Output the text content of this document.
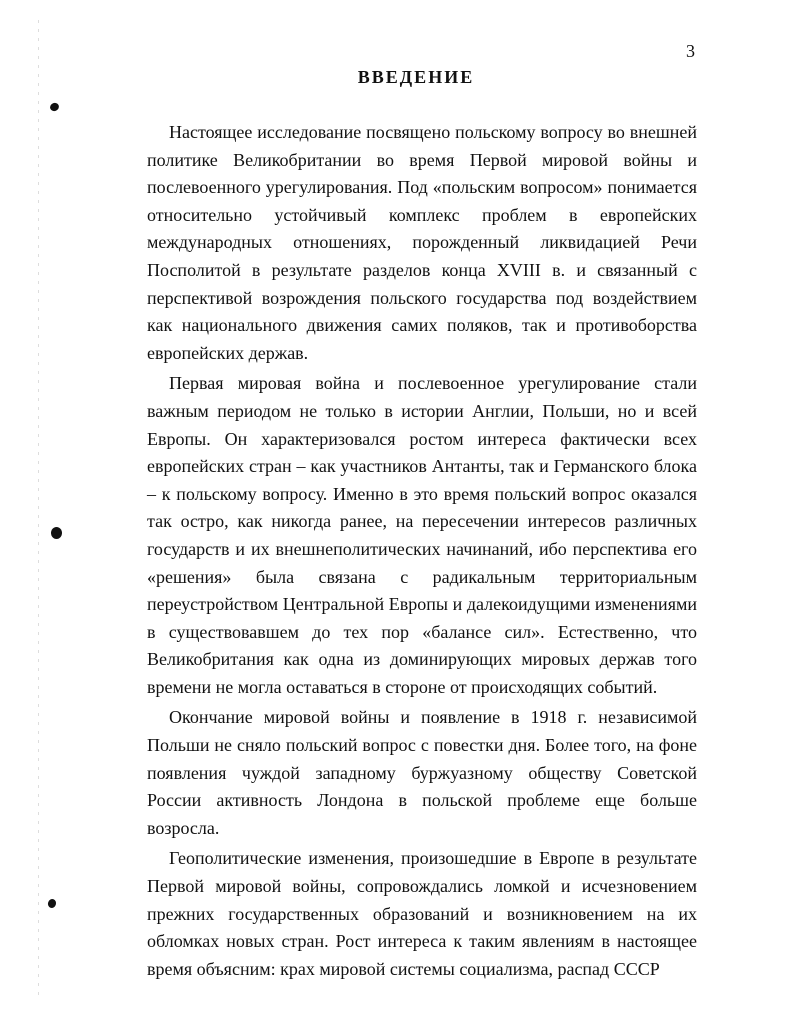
3
ВВЕДЕНИЕ

Настоящее исследование посвящено польскому вопросу во внешней политике Великобритании во время Первой мировой войны и послевоенного урегулирования. Под «польским вопросом» понимается относительно устойчивый комплекс проблем в европейских международных отношениях, порожденный ликвидацией Речи Посполитой в результате разделов конца XVIII в. и связанный с перспективой возрождения польского государства под воздействием как национального движения самих поляков, так и противоборства европейских держав.

Первая мировая война и послевоенное урегулирование стали важным периодом не только в истории Англии, Польши, но и всей Европы. Он характеризовался ростом интереса фактически всех европейских стран – как участников Антанты, так и Германского блока – к польскому вопросу. Именно в это время польский вопрос оказался так остро, как никогда ранее, на пересечении интересов различных государств и их внешнеполитических начинаний, ибо перспектива его «решения» была связана с радикальным территориальным переустройством Центральной Европы и далекоидущими изменениями в существовавшем до тех пор «балансе сил». Естественно, что Великобритания как одна из доминирующих мировых держав того времени не могла оставаться в стороне от происходящих событий.

Окончание мировой войны и появление в 1918 г. независимой Польши не сняло польский вопрос с повестки дня. Более того, на фоне появления чуждой западному буржуазному обществу Советской России активность Лондона в польской проблеме еще больше возросла.

Геополитические изменения, произошедшие в Европе в результате Первой мировой войны, сопровождались ломкой и исчезновением прежних государственных образований и возникновением на их обломках новых стран. Рост интереса к таким явлениям в настоящее время объясним: крах мировой системы социализма, распад СССР
